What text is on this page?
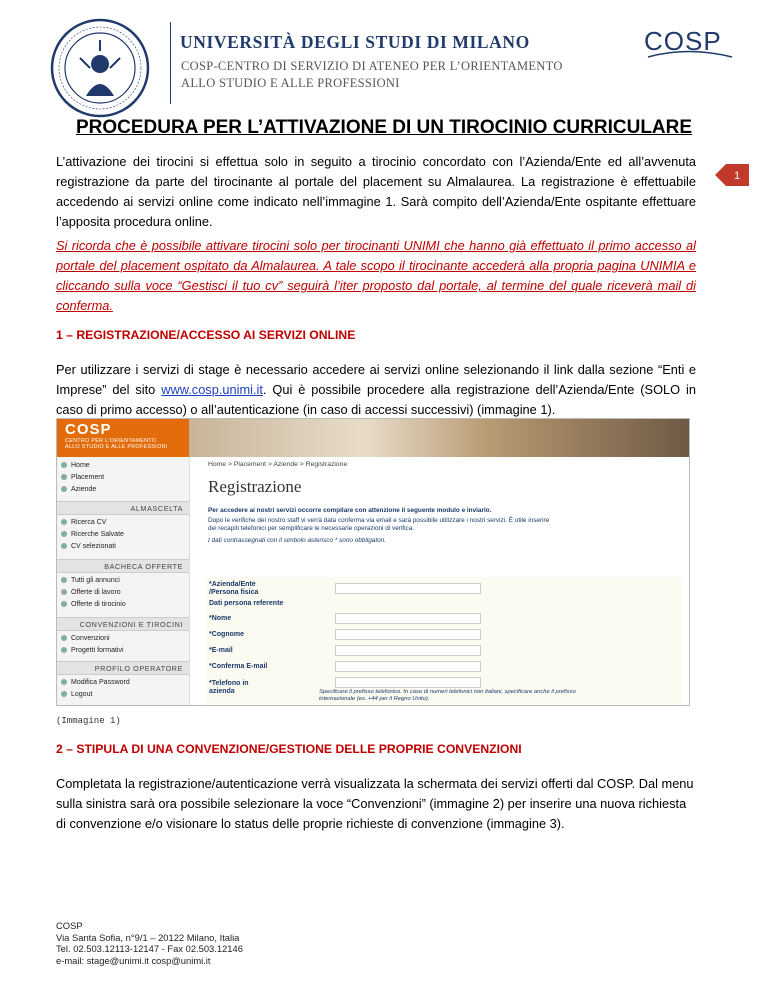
UNIVERSITÀ DEGLI STUDI DI MILANO
COSP-CENTRO DI SERVIZIO DI ATENEO PER L’ORIENTAMENTO
ALLO STUDIO E ALLE PROFESSIONI
COSP
1
PROCEDURA PER L’ATTIVAZIONE DI UN TIROCINIO CURRICULARE
L’attivazione dei tirocini si effettua solo in seguito a tirocinio concordato con l’Azienda/Ente ed all’avvenuta registrazione da parte del tirocinante al portale del placement su Almalaurea. La registrazione è effettuabile accedendo ai servizi online come indicato nell’immagine 1. Sarà compito dell’Azienda/Ente ospitante effettuare l’apposita procedura online.
Si ricorda che è possibile attivare tirocini solo per tirocinanti UNIMI che hanno già effettuato il primo accesso al portale del placement ospitato da Almalaurea. A tale scopo il tirocinante accederà alla propria pagina UNIMIA e cliccando sulla voce “Gestisci il tuo cv” seguirà l’iter proposto dal portale, al termine del quale riceverà mail di conferma.
1 – REGISTRAZIONE/ACCESSO AI SERVIZI ONLINE
Per utilizzare i servizi di stage è necessario accedere ai servizi online selezionando il link dalla sezione “Enti e Imprese” del sito www.cosp.unimi.it. Qui è possibile procedere alla registrazione dell’Azienda/Ente (SOLO in caso di primo accesso) o all’autenticazione (in caso di accessi successivi) (immagine 1).
COSP
CENTRO PER L'ORIENTAMENTO
ALLO STUDIO E ALLE PROFESSIONI
Home
Placement
Aziende
ALMASCELTA
Ricerca CV
Ricerche Salvate
CV selezionati
BACHECA OFFERTE
Tutti gli annunci
Offerte di lavoro
Offerte di tirocinio
CONVENZIONI E TIROCINI
Convenzioni
Progetti formativi
PROFILO OPERATORE
Modifica Password
Logout
Home > Placement > Aziende > Registrazione
Registrazione
Per accedere ai nostri servizi occorre compilare con attenzione il seguente modulo e inviarlo.
Dopo le verifiche del nostro staff vi verrà data conferma via email e sarà possibile utilizzare i nostri servizi. È utile inserire
dei recapiti telefonici per semplificare le necessarie operazioni di verifica.
I dati contrassegnati con il simbolo asterisco * sono obbligatori.
*Azienda/Ente
/Persona fisica
Dati persona referente
*Nome
*Cognome
*E-mail
*Conferma E-mail
*Telefono in
azienda	Specificare il prefisso telefonico. In caso di numeri telefonici non italiani, specificare anche il prefisso
internazionale (es. +44 per il Regno Unito).
(Immagine 1)
2 – STIPULA DI UNA CONVENZIONE/GESTIONE DELLE PROPRIE CONVENZIONI
Completata la registrazione/autenticazione verrà visualizzata la schermata dei servizi offerti dal COSP. Dal menu sulla sinistra sarà ora possibile selezionare la voce “Convenzioni” (immagine 2) per inserire una nuova richiesta di convenzione e/o visionare lo status delle proprie richieste di convenzione (immagine 3).
COSP
Via Santa Sofia, n°9/1 – 20122 Milano, Italia
Tel. 02.503.12113-12147 - Fax 02.503.12146
e-mail: stage@unimi.it cosp@unimi.it
